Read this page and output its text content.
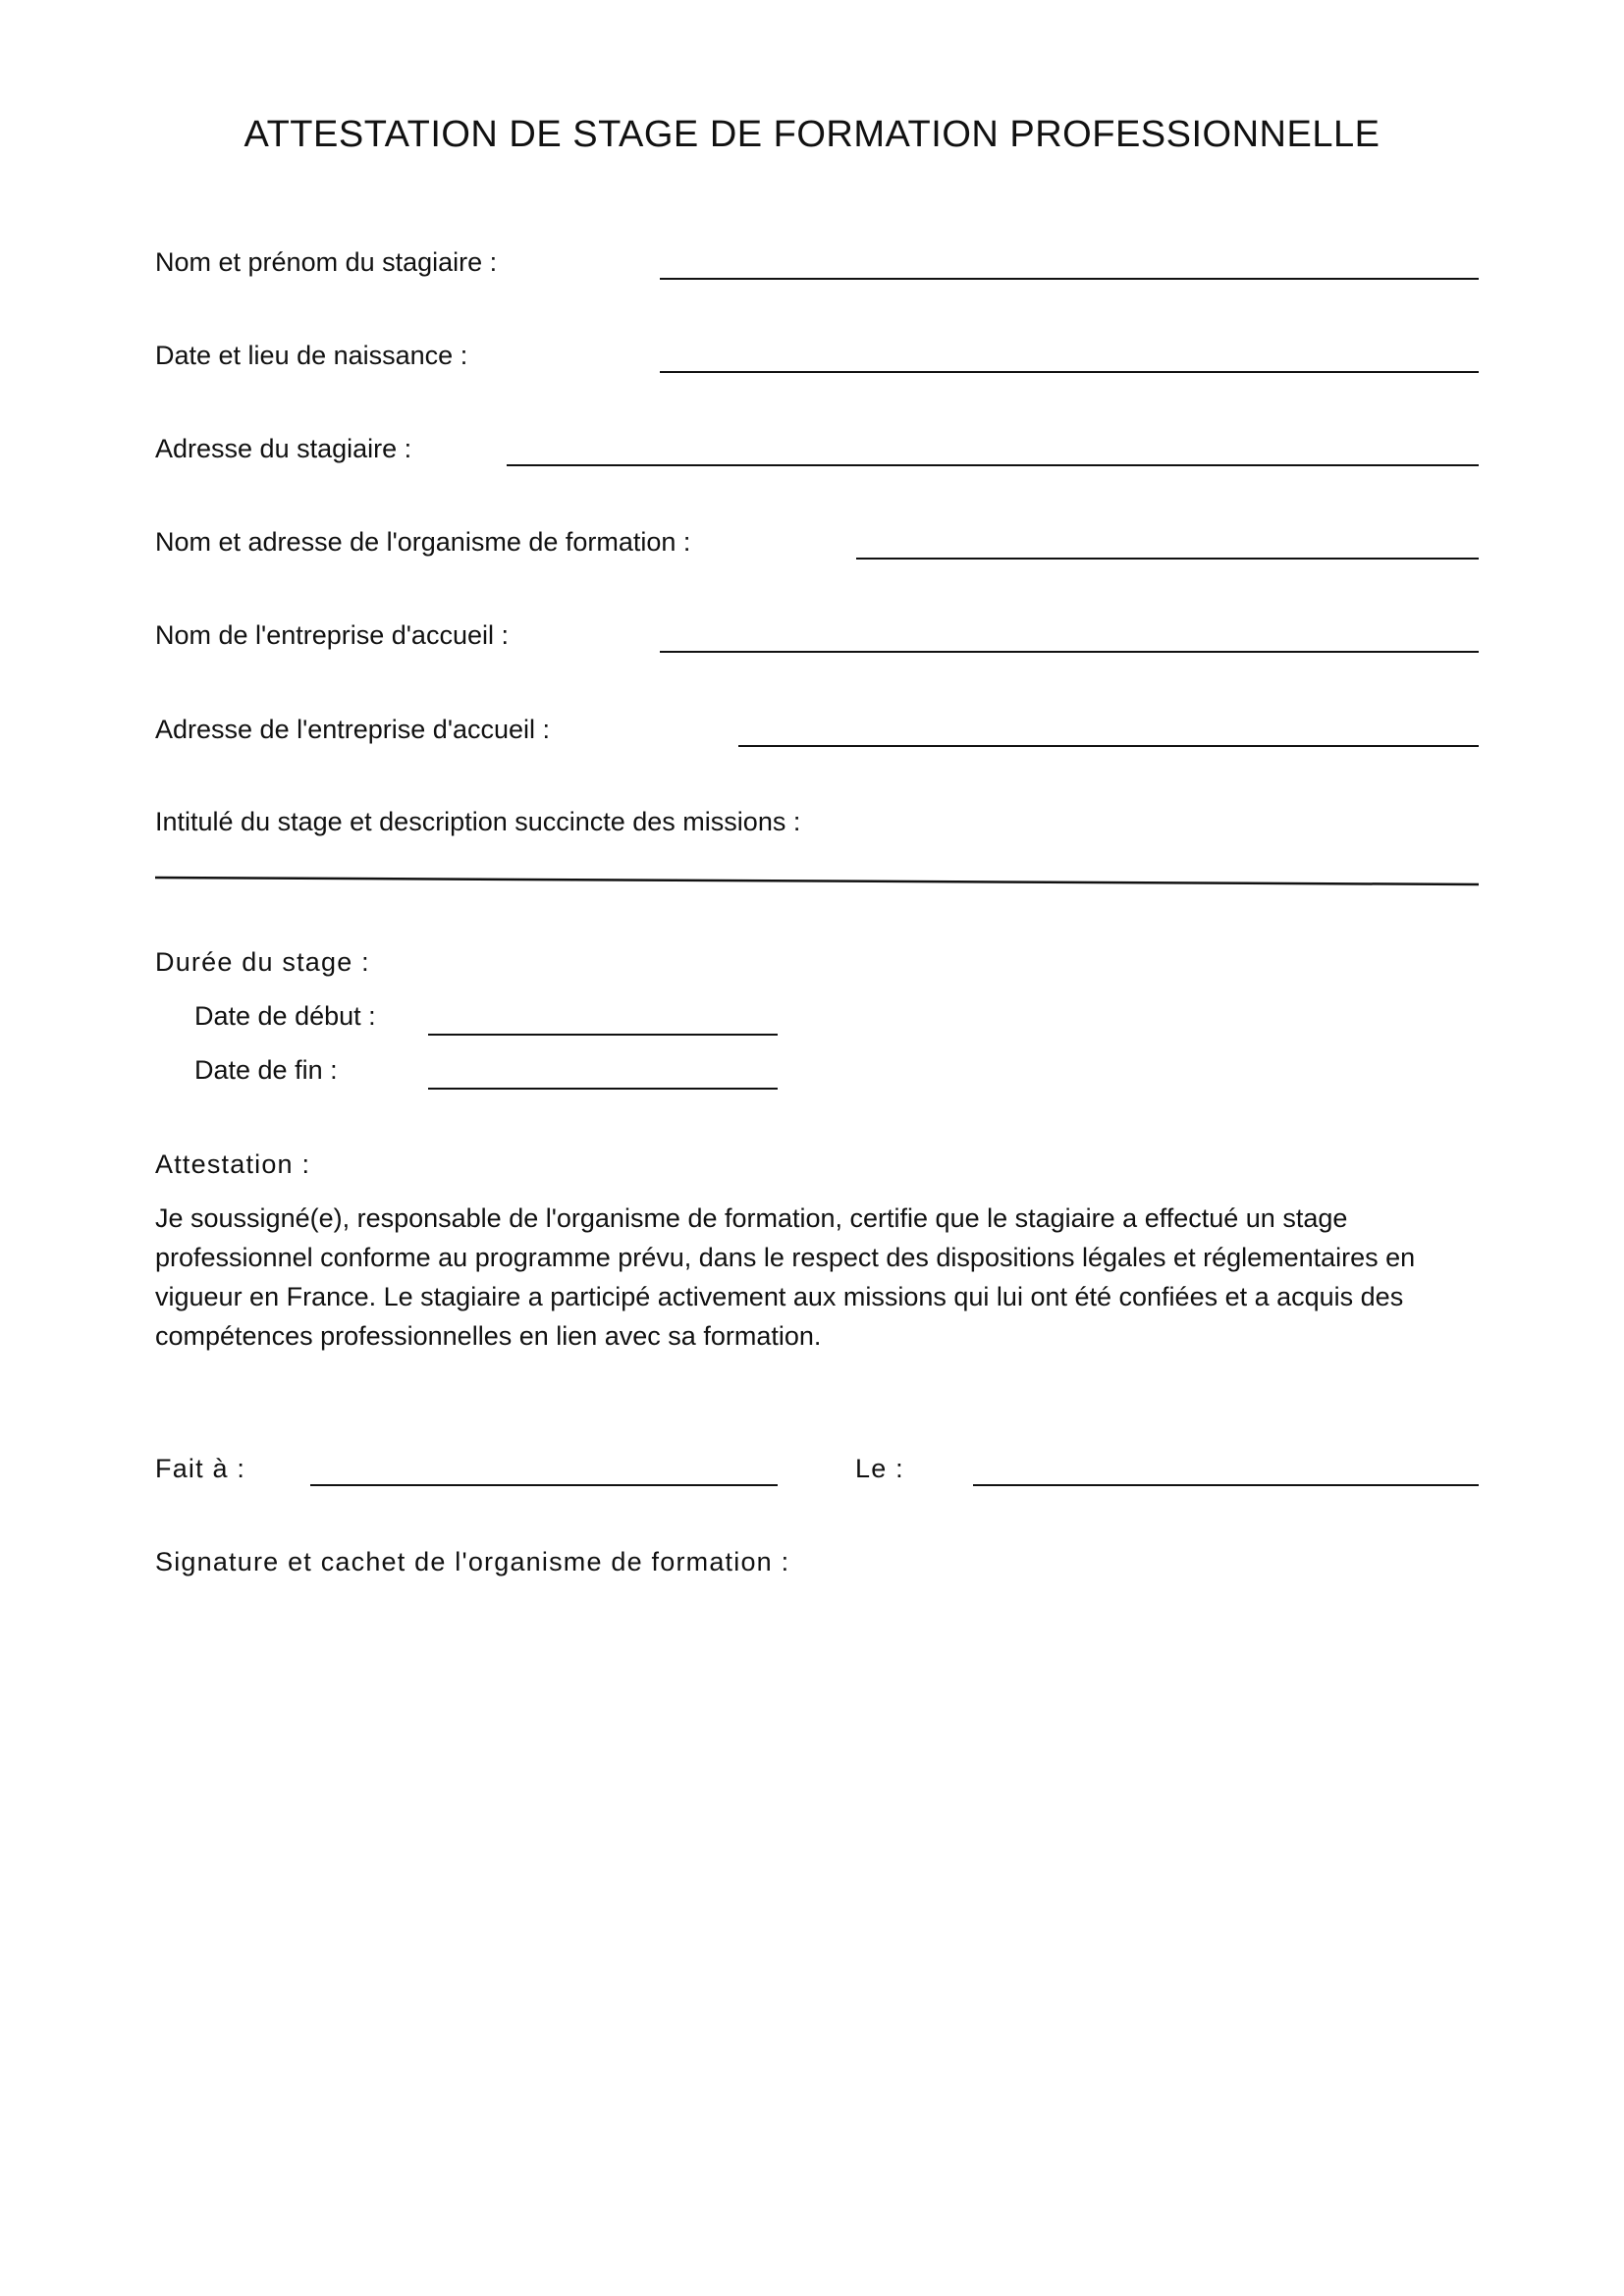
ATTESTATION DE STAGE DE FORMATION PROFESSIONNELLE
Nom et prénom du stagiaire :
Date et lieu de naissance :
Adresse du stagiaire :
Nom et adresse de l'organisme de formation :
Nom de l'entreprise d'accueil :
Adresse de l'entreprise d'accueil :
Intitulé du stage et description succincte des missions :
Durée du stage :
Date de début :
Date de fin :
Attestation :
Je soussigné(e), responsable de l'organisme de formation, certifie que le stagiaire a effectué un stage professionnel conforme au programme prévu, dans le respect des dispositions légales et réglementaires en vigueur en France. Le stagiaire a participé activement aux missions qui lui ont été confiées et a acquis des compétences professionnelles en lien avec sa formation.
Fait à :	Le :
Signature et cachet de l'organisme de formation :
